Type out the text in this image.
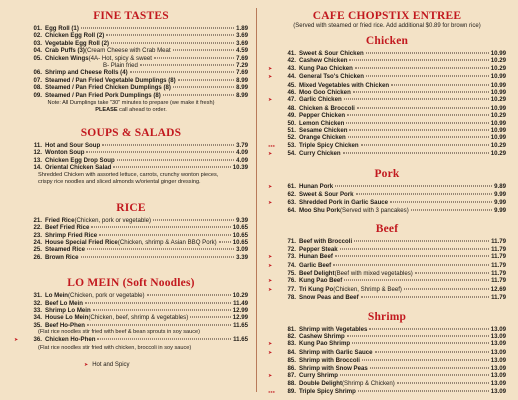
FINE TASTES
01. Egg Roll (1)	1.89
02. Chicken Egg Roll (2)	3.69
03. Vegetable Egg Roll (2)	3.69
04. Crab Puffs (3) (Cream Cheese with Crab Meat	4.59
05. Chicken Wings (4A- Hot, spicy & sweet	7.69
B- Plain fried	7.29
06. Shrimp and Cheese Rolls (4)	7.69
07. Steamed / Pan Fried Vegetable Dumplings (8)	8.99
08. Steamed / Pan Fried Chicken Dumplings (8)	8.99
09. Steamed / Pan Fried Pork Dumplings (8)	8.99
Note: All Dumplings take "30" minutes to prepare (we make it fresh)
PLEASE call ahead to order.
SOUPS & SALADS
11. Hot and Sour Soup	3.79
12. Wonton Soup	4.09
13. Chicken Egg Drop Soup	4.09
14. Oriental Chicken Salad	10.39
Shredded Chicken with assorted lettuce, carrots, crunchy wonton pieces,
crispy rice noodles and sliced almonds w/oriental ginger dressing.
RICE
21. Fried Rice (Chicken, pork or vegetable)	9.39
22. Beef Fried Rice	10.65
23. Shrimp Fried Rice	10.65
24. House Special Fried Rice (Chicken, shrimp & Asian BBQ Pork)	10.65
25. Steamed Rice	3.09
26. Brown Rice	3.39
LO MEIN (Soft Noodles)
31. Lo Mein (Chicken, pork or vegetable)	10.29
32. Beef Lo Mein	11.49
33. Shrimp Lo Mein	12.99
34. House Lo Mein (Chicken, beef, shrimp & vegetables)	12.99
35. Beef Ho-Phen	11.65
(Flat rice noodles stir fried with beef & bean sprouts in soy sauce)
➤	36. Chicken Ho-Phen	11.65
(Flat rice noodles stir fried with chicken, broccoli in soy sauce)
➤ Hot and Spicy
CAFE CHOPSTIX ENTREE
(Served with steamed or fried rice. Add additional $0.89 for brown rice)
Chicken
41. Sweet & Sour Chicken	10.99
42. Cashew Chicken	10.29
➤	43. Kung Pao Chicken	10.29
➤	44. General Tso's Chicken	10.99
45. Mixed Vegetables with Chicken	10.99
46. Moo Goo Chicken	10.99
➤	47. Garlic Chicken	10.29
48. Chicken & Broccoli	10.99
49. Pepper Chicken	10.29
50. Lemon Chicken	10.99
51. Sesame Chicken	10.99
52. Orange Chicken	10.99
➤➤➤	53. Triple Spicy Chicken	10.29
➤	54. Curry Chicken	10.29
Pork
➤	61. Hunan Pork	9.89
62. Sweet & Sour Pork	9.99
➤	63. Shredded Pork in Garlic Sauce	9.99
64. Moo Shu Pork (Served with 3 pancakes)	9.99
Beef
71. Beef with Broccoli	11.79
72. Pepper Steak	11.79
➤	73. Hunan Beef	11.79
➤	74. Garlic Beef	11.79
75. Beef Delight (Beef with mixed vegetables)	11.79
➤	76. Kung Pao Beef	11.79
➤	77. Tri Kung Po (Chicken, Shrimp & Beef)	12.69
78. Snow Peas and Beef	11.79
Shrimp
81. Shrimp with Vegetables	13.09
82. Cashew Shrimp	13.09
➤	83. Kung Pao Shrimp	13.09
➤	84. Shrimp with Garlic Sauce	13.09
85. Shrimp with Broccoli	13.09
86. Shrimp with Snow Peas	13.09
➤	87. Curry Shrimp	13.09
88. Double Delight (Shrimp & Chicken)	13.09
➤➤➤	89. Triple Spicy Shrimp	13.09
